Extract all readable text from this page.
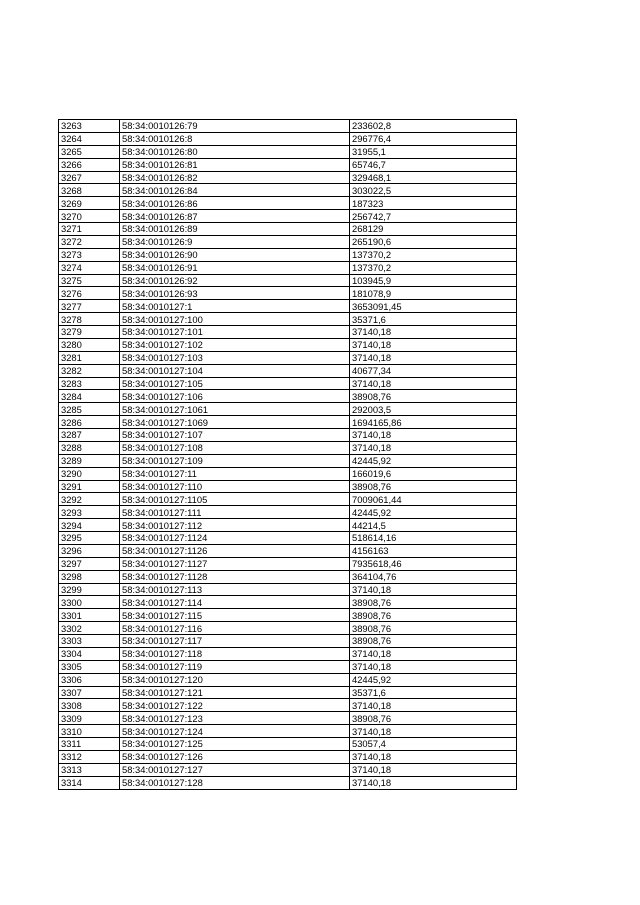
3263	58:34:0010126:79	233602,8
3264	58:34:0010126:8	296776,4
3265	58:34:0010126:80	31955,1
3266	58:34:0010126:81	65746,7
3267	58:34:0010126:82	329468,1
3268	58:34:0010126:84	303022,5
3269	58:34:0010126:86	187323
3270	58:34:0010126:87	256742,7
3271	58:34:0010126:89	268129
3272	58:34:0010126:9	265190,6
3273	58:34:0010126:90	137370,2
3274	58:34:0010126:91	137370,2
3275	58:34:0010126:92	103945,9
3276	58:34:0010126:93	181078,9
3277	58:34:0010127:1	3653091,45
3278	58:34:0010127:100	35371,6
3279	58:34:0010127:101	37140,18
3280	58:34:0010127:102	37140,18
3281	58:34:0010127:103	37140,18
3282	58:34:0010127:104	40677,34
3283	58:34:0010127:105	37140,18
3284	58:34:0010127:106	38908,76
3285	58:34:0010127:1061	292003,5
3286	58:34:0010127:1069	1694165,86
3287	58:34:0010127:107	37140,18
3288	58:34:0010127:108	37140,18
3289	58:34:0010127:109	42445,92
3290	58:34:0010127:11	166019,6
3291	58:34:0010127:110	38908,76
3292	58:34:0010127:1105	7009061,44
3293	58:34:0010127:111	42445,92
3294	58:34:0010127:112	44214,5
3295	58:34:0010127:1124	518614,16
3296	58:34:0010127:1126	4156163
3297	58:34:0010127:1127	7935618,46
3298	58:34:0010127:1128	364104,76
3299	58:34:0010127:113	37140,18
3300	58:34:0010127:114	38908,76
3301	58:34:0010127:115	38908,76
3302	58:34:0010127:116	38908,76
3303	58:34:0010127:117	38908,76
3304	58:34:0010127:118	37140,18
3305	58:34:0010127:119	37140,18
3306	58:34:0010127:120	42445,92
3307	58:34:0010127:121	35371,6
3308	58:34:0010127:122	37140,18
3309	58:34:0010127:123	38908,76
3310	58:34:0010127:124	37140,18
3311	58:34:0010127:125	53057,4
3312	58:34:0010127:126	37140,18
3313	58:34:0010127:127	37140,18
3314	58:34:0010127:128	37140,18
